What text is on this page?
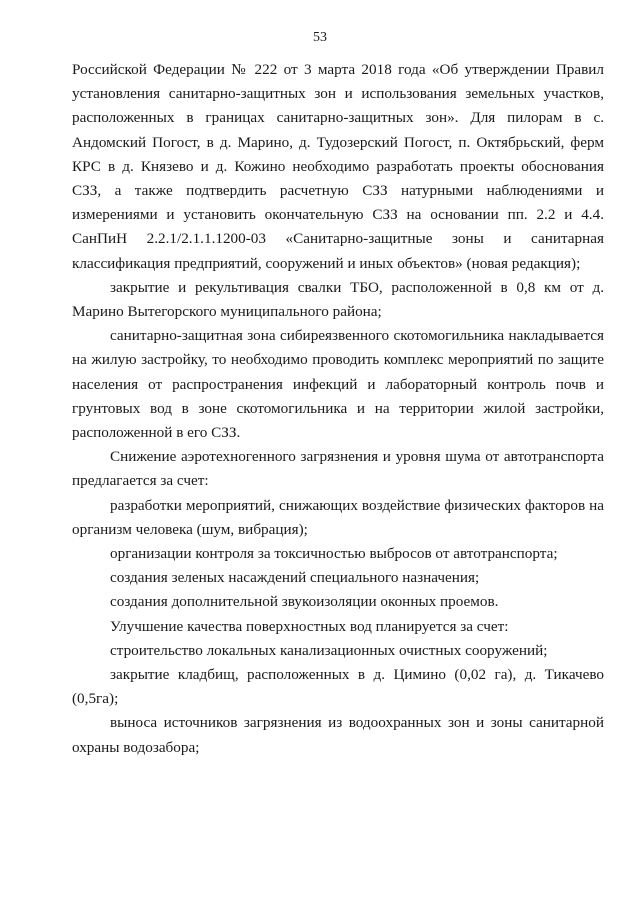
53

Российской Федерации № 222 от 3 марта 2018 года «Об утверждении Правил установления санитарно-защитных зон и использования земельных участков, расположенных в границах санитарно-защитных зон». Для пилорам в с. Андомский Погост, в д. Марино, д. Тудозерский Погост, п. Октябрьский, ферм КРС в д. Князево и д. Кожино необходимо разработать проекты обоснования СЗЗ, а также подтвердить расчетную СЗЗ натурными наблюдениями и измерениями и установить окончательную СЗЗ на основании пп. 2.2 и 4.4. СанПиН 2.2.1/2.1.1.1200-03 «Санитарно-защитные зоны и санитарная классификация предприятий, сооружений и иных объектов» (новая редакция);

закрытие и рекультивация свалки ТБО, расположенной в 0,8 км от д. Марино Вытегорского муниципального района;

санитарно-защитная зона сибиреязвенного скотомогильника накладывается на жилую застройку, то необходимо проводить комплекс мероприятий по защите населения от распространения инфекций и лабораторный контроль почв и грунтовых вод в зоне скотомогильника и на территории жилой застройки, расположенной в его СЗЗ.

Снижение аэротехногенного загрязнения и уровня шума от автотранспорта предлагается за счет:

разработки мероприятий, снижающих воздействие физических факторов на организм человека (шум, вибрация);

организации контроля за токсичностью выбросов от автотранспорта;

создания зеленых насаждений специального назначения;

создания дополнительной звукоизоляции оконных проемов.

Улучшение качества поверхностных вод планируется за счет:

строительство локальных канализационных очистных сооружений;

закрытие кладбищ, расположенных в д. Цимино (0,02 га), д. Тикачево (0,5га);

выноса источников загрязнения из водоохранных зон и зоны санитарной охраны водозабора;
